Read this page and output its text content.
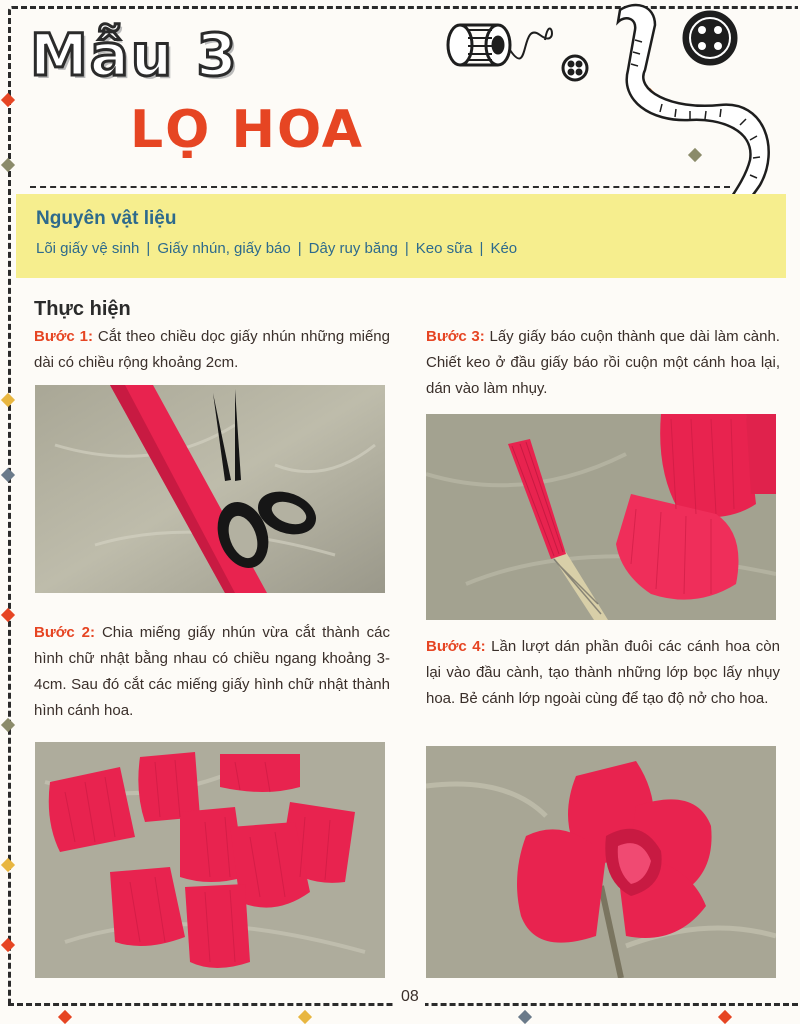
Mẫu 3
LỌ HOA
Nguyên vật liệu
Lõi giấy vệ sinh | Giấy nhún, giấy báo | Dây ruy băng | Keo sữa | Kéo
Thực hiện
Bước 1: Cắt theo chiều dọc giấy nhún những miếng dài có chiều rộng khoảng 2cm.
Bước 2: Chia miếng giấy nhún vừa cắt thành các hình chữ nhật bằng nhau có chiều ngang khoảng 3-4cm. Sau đó cắt các miếng giấy hình chữ nhật thành hình cánh hoa.
Bước 3: Lấy giấy báo cuộn thành que dài làm cành. Chiết keo ở đầu giấy báo rồi cuộn một cánh hoa lại, dán vào làm nhụy.
Bước 4: Lần lượt dán phần đuôi các cánh hoa còn lại vào đầu cành, tạo thành những lớp bọc lấy nhụy hoa. Bẻ cánh lớp ngoài cùng để tạo độ nở cho hoa.
08
